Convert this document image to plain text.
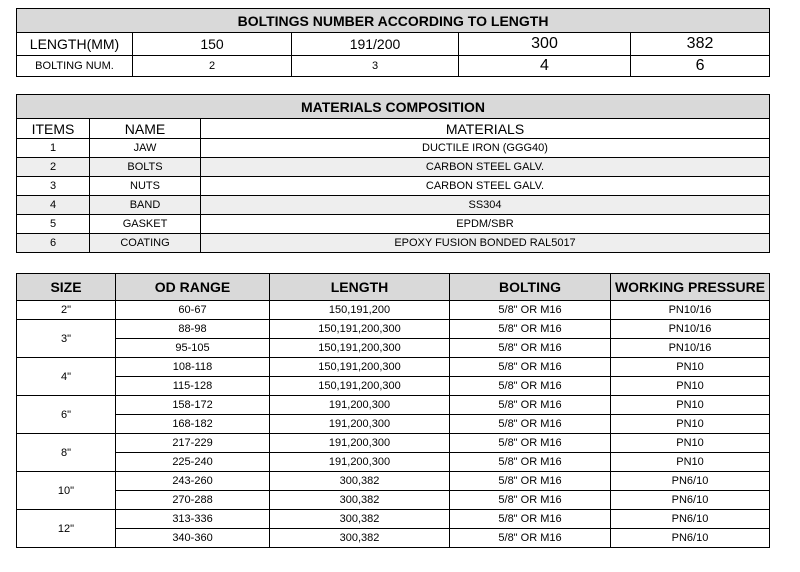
BOLTINGS NUMBER ACCORDING TO LENGTH				
LENGTH(MM)	150	191/200	300	382
BOLTING NUM.	2	3	4	6
MATERIALS COMPOSITION		
ITEMS	NAME	MATERIALS
1	JAW	DUCTILE IRON (GGG40)
2	BOLTS	CARBON STEEL GALV.
3	NUTS	CARBON STEEL GALV.
4	BAND	SS304
5	GASKET	EPDM/SBR
6	COATING	EPOXY FUSION BONDED RAL5017
SIZE	OD RANGE	LENGTH	BOLTING	WORKING PRESSURE
2"	60-67	150,191,200	5/8" OR M16	PN10/16
3"	88-98	150,191,200,300	5/8" OR M16	PN10/16
	95-105	150,191,200,300	5/8" OR M16	PN10/16
4"	108-118	150,191,200,300	5/8" OR M16	PN10
	115-128	150,191,200,300	5/8" OR M16	PN10
6"	158-172	191,200,300	5/8" OR M16	PN10
	168-182	191,200,300	5/8" OR M16	PN10
8"	217-229	191,200,300	5/8" OR M16	PN10
	225-240	191,200,300	5/8" OR M16	PN10
10"	243-260	300,382	5/8" OR M16	PN6/10
	270-288	300,382	5/8" OR M16	PN6/10
12"	313-336	300,382	5/8" OR M16	PN6/10
	340-360	300,382	5/8" OR M16	PN6/10
